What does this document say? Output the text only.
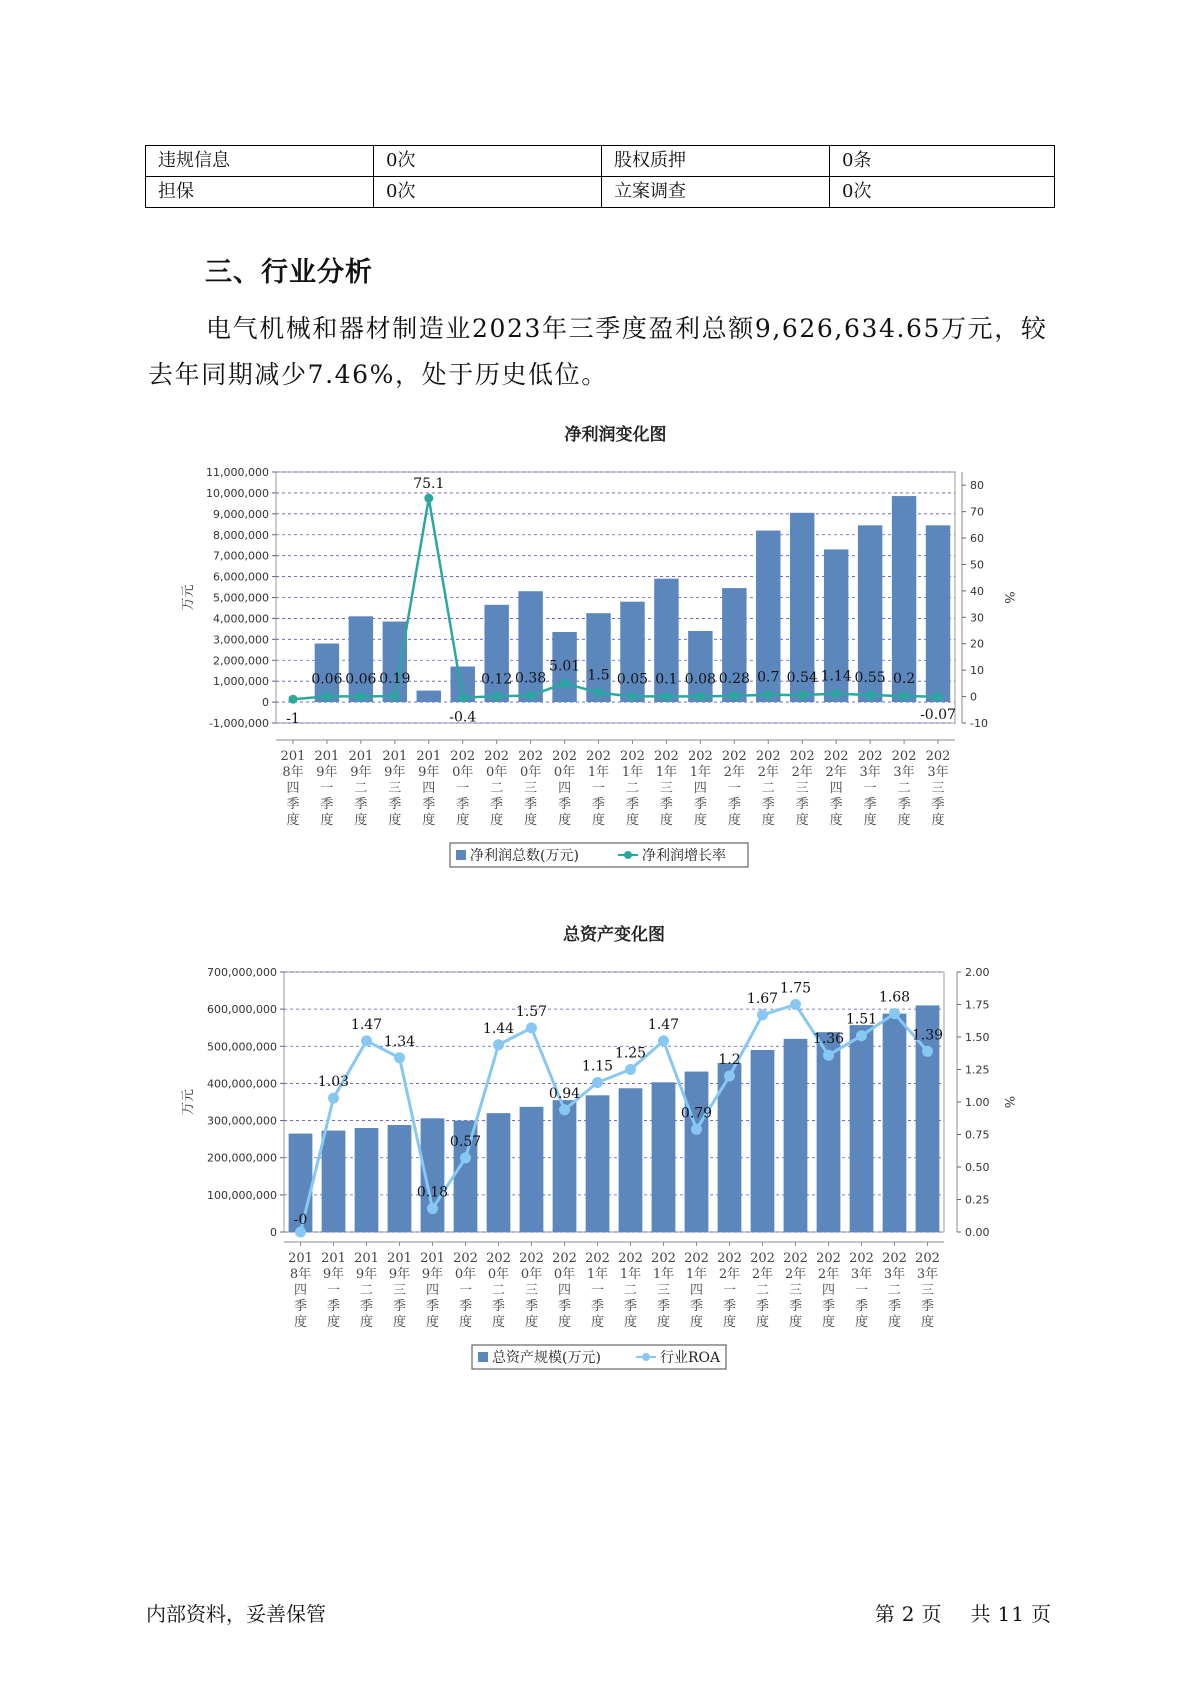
违规信息	0次	股权质押	0条
担保	0次	立案调查	0次
三、行业分析

电气机械和器材制造业2023年三季度盈利总额9,626,634.65万元，较去年同期减少7.46%，处于历史低位。

净利润变化图
-1,000,000
0
1,000,000
2,000,000
3,000,000
4,000,000
5,000,000
6,000,000
7,000,000
8,000,000
9,000,000
10,000,000
11,000,000
-10
0
10
20
30
40
50
60
70
80
万元	%
201
8年
四
季
度
201
9年
一
季
度
201
9年
二
季
度
201
9年
三
季
度
201
9年
四
季
度
202
0年
一
季
度
202
0年
二
季
度
202
0年
三
季
度
202
0年
四
季
度
202
1年
一
季
度
202
1年
二
季
度
202
1年
三
季
度
202
1年
四
季
度
202
2年
一
季
度
202
2年
二
季
度
202
2年
三
季
度
202
2年
四
季
度
202
3年
一
季
度
202
3年
二
季
度
202
3年
三
季
度
-1
0.06 0.06 0.19
75.1
-0.4
0.12 0.38
5.01
1.5 0.05 0.1 0.08 0.28 0.7 0.54 1.14 0.55 0.2
-0.07
净利润总数(万元)	净利润增长率
总资产变化图
0
100,000,000
200,000,000
300,000,000
400,000,000
500,000,000
600,000,000
700,000,000
0.00
0.25
0.50
0.75
1.00
1.25
1.50
1.75
2.00
万元	%
201
8年
四
季
度
201
9年
一
季
度
201
9年
二
季
度
201
9年
三
季
度
201
9年
四
季
度
202
0年
一
季
度
202
0年
二
季
度
202
0年
三
季
度
202
0年
四
季
度
202
1年
一
季
度
202
1年
二
季
度
202
1年
三
季
度
202
1年
四
季
度
202
2年
一
季
度
202
2年
二
季
度
202
2年
三
季
度
202
2年
四
季
度
202
3年
一
季
度
202
3年
二
季
度
202
3年
三
季
度
-0
1.03
1.47
1.34
0.18
0.57
1.44
1.57
0.94
1.15
1.25
1.47
0.79
1.2
1.67
1.75
1.36
1.51
1.68
1.39
总资产规模(万元)	行业ROA
内部资料，妥善保管	第 2 页 共 11 页
